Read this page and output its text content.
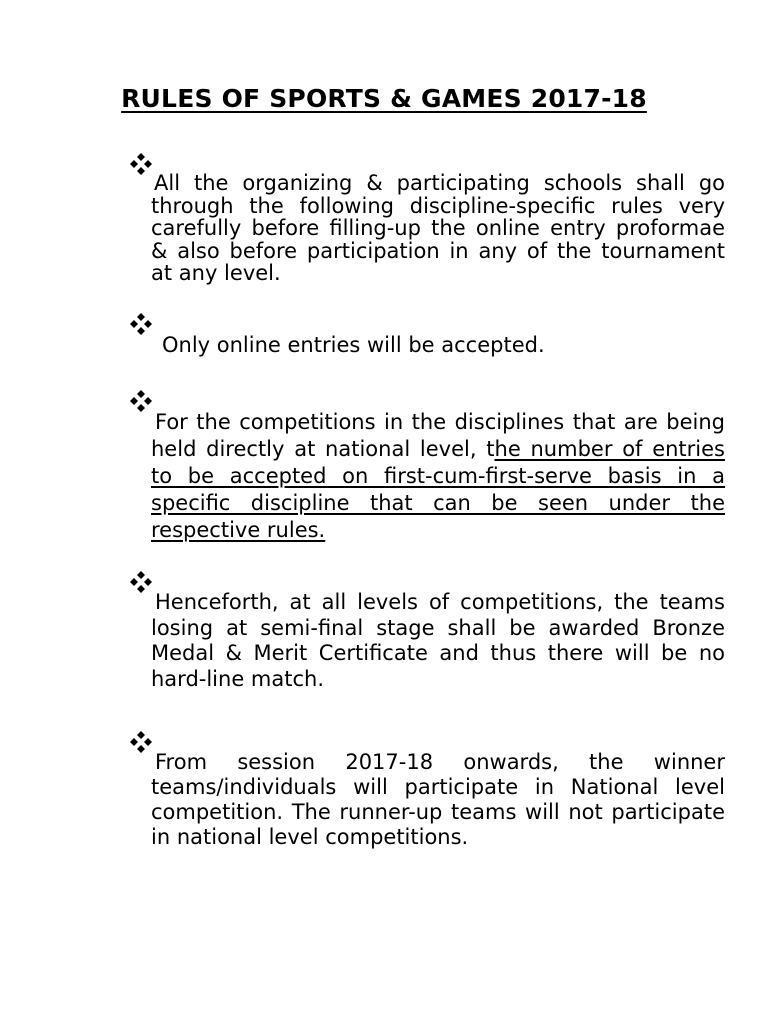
RULES OF SPORTS & GAMES 2017-18

All the organizing & participating schools shall go through the following discipline-specific rules very carefully before filling-up the online entry proformae & also before participation in any of the tournament at any level.

Only online entries will be accepted.

For the competitions in the disciplines that are being held directly at national level, the number of entries to be accepted on first-cum-first-serve basis in a specific discipline that can be seen under the respective rules.

Henceforth, at all levels of competitions, the teams losing at semi-final stage shall be awarded Bronze Medal & Merit Certificate and thus there will be no hard-line match.

From session 2017-18 onwards, the winner teams/individuals will participate in National level competition. The runner-up teams will not participate in national level competitions.
